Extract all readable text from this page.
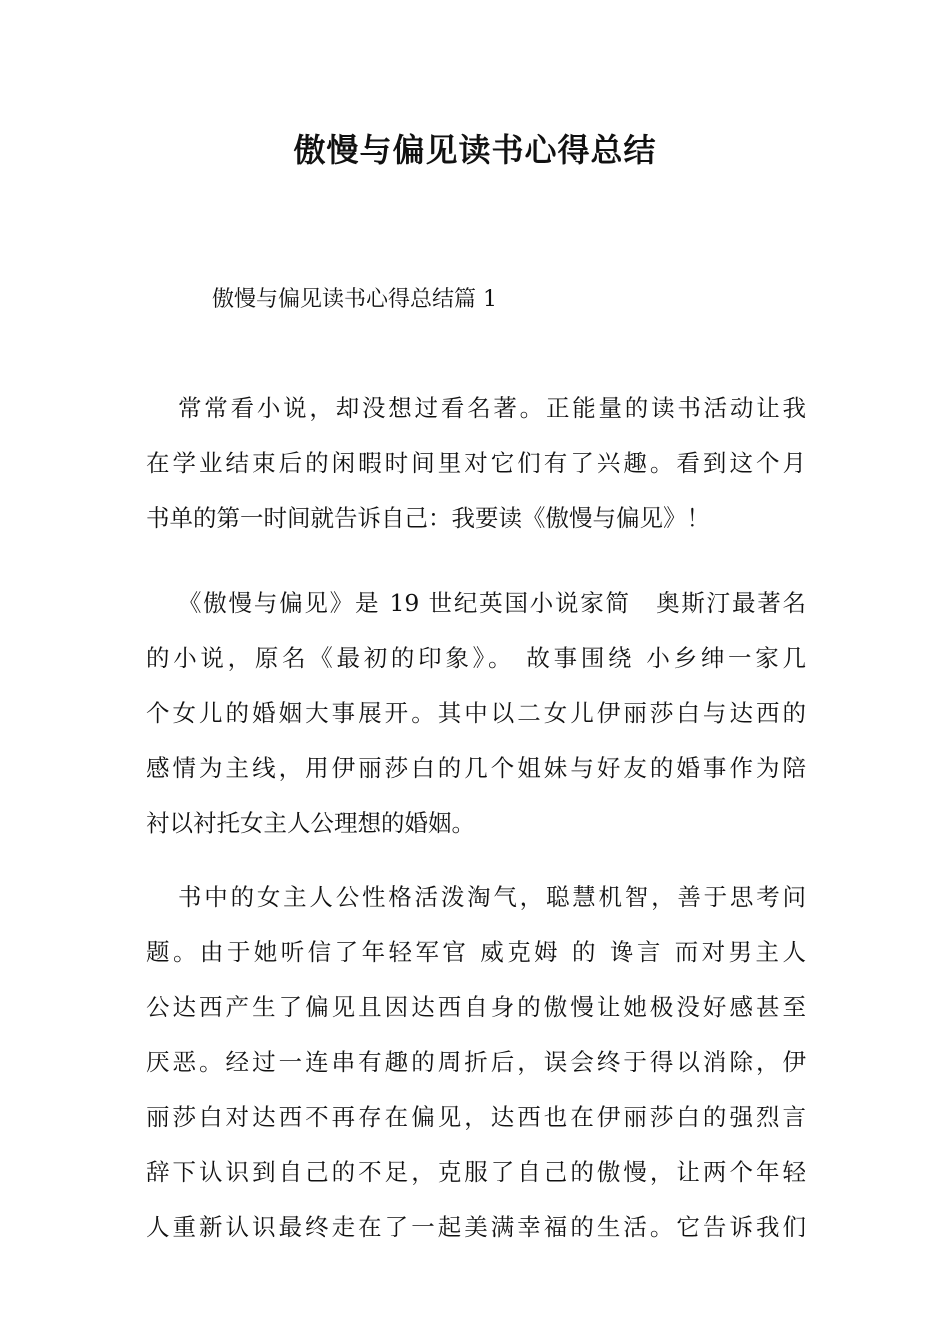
傲慢与偏见读书心得总结
傲慢与偏见读书心得总结篇 1
常常看小说，却没想过看名著。正能量的读书活动让我
在学业结束后的闲暇时间里对它们有了兴趣。看到这个月
书单的第一时间就告诉自己：我要读《傲慢与偏见》！
《傲慢与偏见》是 19 世纪英国小说家简　奥斯汀最著名
的小说，原名《最初的印象》。 故事围绕 小乡绅一家几
个女儿的婚姻大事展开。其中以二女儿伊丽莎白与达西的
感情为主线，用伊丽莎白的几个姐妹与好友的婚事作为陪
衬以衬托女主人公理想的婚姻。
书中的女主人公性格活泼淘气，聪慧机智，善于思考问
题。由于她听信了年轻军官 威克姆 的 谗言 而对男主人
公达西产生了偏见且因达西自身的傲慢让她极没好感甚至
厌恶。经过一连串有趣的周折后，误会终于得以消除，伊
丽莎白对达西不再存在偏见，达西也在伊丽莎白的强烈言
辞下认识到自己的不足，克服了自己的傲慢，让两个年轻
人重新认识最终走在了一起美满幸福的生活。它告诉我们
